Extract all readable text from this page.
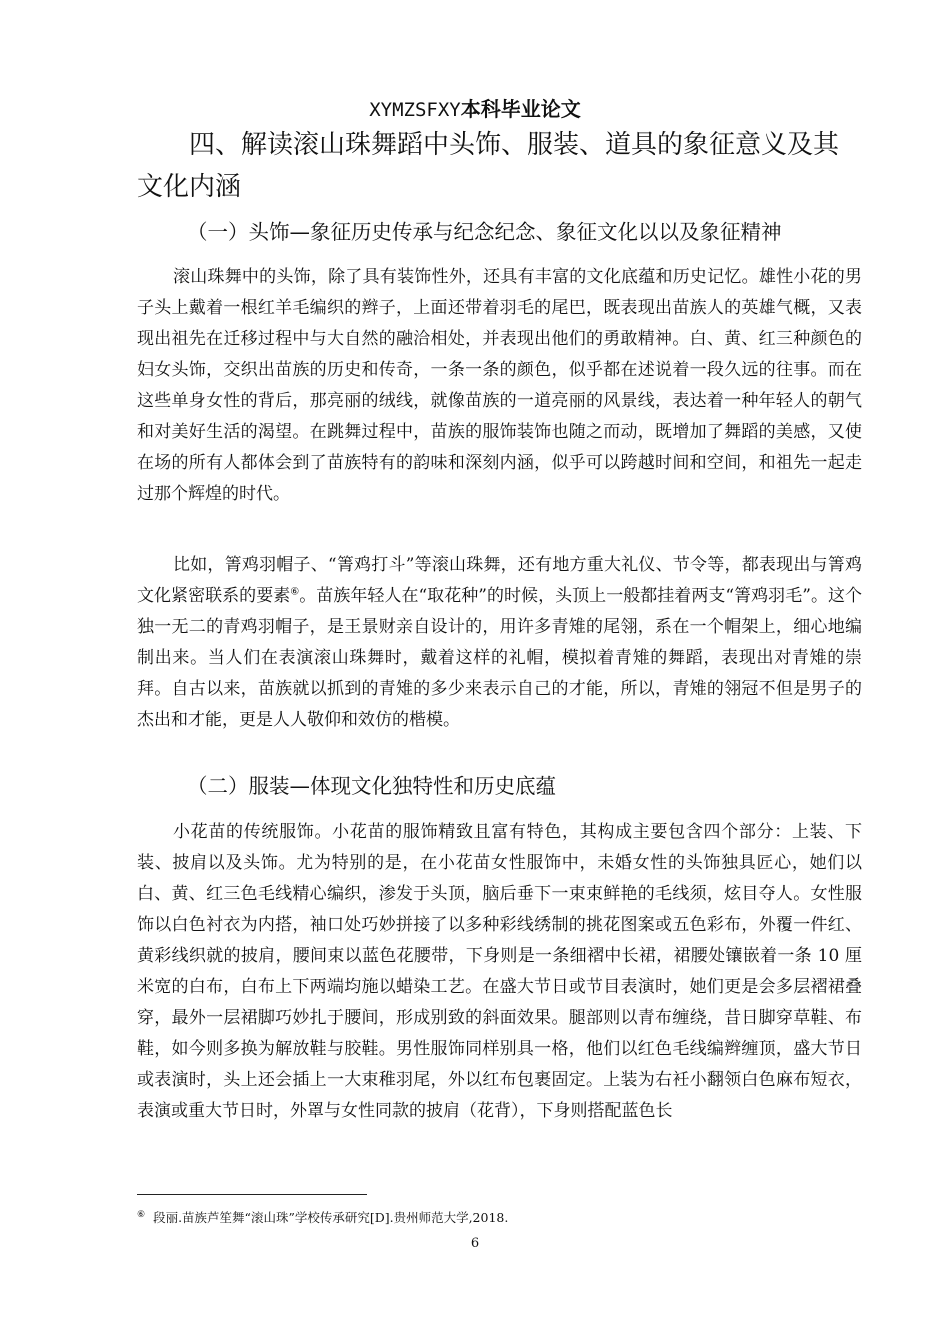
XYMZSFXY本科毕业论文
四、解读滚山珠舞蹈中头饰、服装、道具的象征意义及其文化内涵
（一）头饰—象征历史传承与纪念纪念、象征文化以以及象征精神
滚山珠舞中的头饰，除了具有装饰性外，还具有丰富的文化底蕴和历史记忆。雄性小花的男子头上戴着一根红羊毛编织的辫子，上面还带着羽毛的尾巴，既表现出苗族人的英雄气概，又表现出祖先在迁移过程中与大自然的融洽相处，并表现出他们的勇敢精神。白、黄、红三种颜色的妇女头饰，交织出苗族的历史和传奇，一条一条的颜色，似乎都在述说着一段久远的往事。而在这些单身女性的背后，那亮丽的绒线，就像苗族的一道亮丽的风景线，表达着一种年轻人的朝气和对美好生活的渴望。在跳舞过程中，苗族的服饰装饰也随之而动，既增加了舞蹈的美感，又使在场的所有人都体会到了苗族特有的韵味和深刻内涵，似乎可以跨越时间和空间，和祖先一起走过那个辉煌的时代。
比如，箐鸡羽帽子、“箐鸡打斗”等滚山珠舞，还有地方重大礼仪、节令等，都表现出与箐鸡文化紧密联系的要素⑥。苗族年轻人在“取花种”的时候，头顶上一般都挂着两支“箐鸡羽毛”。这个独一无二的青鸡羽帽子，是王景财亲自设计的，用许多青雉的尾翎，系在一个帽架上，细心地编制出来。当人们在表演滚山珠舞时，戴着这样的礼帽，模拟着青雉的舞蹈，表现出对青雉的崇拜。自古以来，苗族就以抓到的青雉的多少来表示自己的才能，所以，青雉的翎冠不但是男子的杰出和才能，更是人人敬仰和效仿的楷模。
（二）服装—体现文化独特性和历史底蕴
小花苗的传统服饰。小花苗的服饰精致且富有特色，其构成主要包含四个部分：上装、下装、披肩以及头饰。尤为特别的是，在小花苗女性服饰中，未婚女性的头饰独具匠心，她们以白、黄、红三色毛线精心编织，渗发于头顶，脑后垂下一束束鲜艳的毛线须，炫目夺人。女性服饰以白色衬衣为内搭，袖口处巧妙拼接了以多种彩线绣制的挑花图案或五色彩布，外覆一件红、黄彩线织就的披肩，腰间束以蓝色花腰带，下身则是一条细褶中长裙，裙腰处镶嵌着一条 10 厘米宽的白布，白布上下两端均施以蜡染工艺。在盛大节日或节目表演时，她们更是会多层褶裙叠穿，最外一层裙脚巧妙扎于腰间，形成别致的斜面效果。腿部则以青布缠绕，昔日脚穿草鞋、布鞋，如今则多换为解放鞋与胶鞋。男性服饰同样别具一格，他们以红色毛线编辫缠顶，盛大节日或表演时，头上还会插上一大束稚羽尾，外以红布包裹固定。上装为右衽小翻领白色麻布短衣，表演或重大节日时，外罩与女性同款的披肩（花背），下身则搭配蓝色长
⑥ 段丽.苗族芦笙舞“滚山珠”学校传承研究[D].贵州师范大学,2018.
6
